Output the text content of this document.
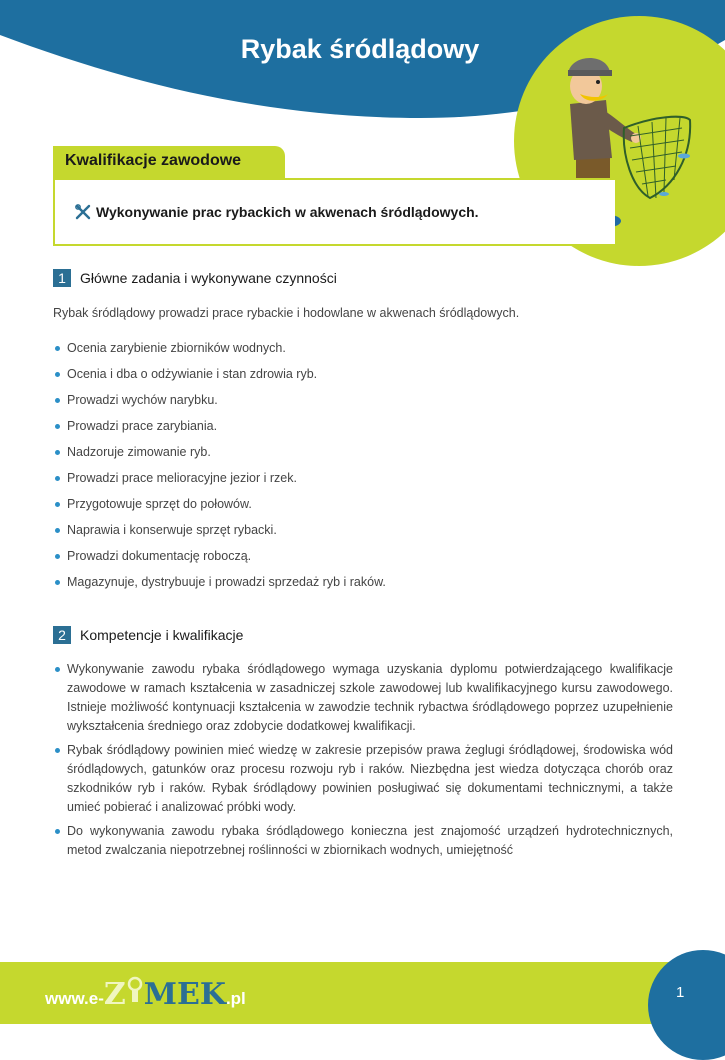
Rybak śródlądowy
Kwalifikacje zawodowe
Wykonywanie prac rybackich w akwenach śródlądowych.
1	Główne zadania i wykonywane czynności
Rybak śródlądowy prowadzi prace rybackie i hodowlane w akwenach śródlądowych.
Ocenia zarybienie zbiorników wodnych.
Ocenia i dba o odżywianie i stan zdrowia ryb.
Prowadzi wychów narybku.
Prowadzi prace zarybiania.
Nadzoruje zimowanie ryb.
Prowadzi prace melioracyjne jezior i rzek.
Przygotowuje sprzęt do połowów.
Naprawia i konserwuje sprzęt rybacki.
Prowadzi dokumentację roboczą.
Magazynuje, dystrybuuje i prowadzi sprzedaż ryb i raków.
2	Kompetencje i kwalifikacje
Wykonywanie zawodu rybaka śródlądowego wymaga uzyskania dyplomu potwierdzającego kwalifikacje zawodowe w ramach kształcenia w zasadniczej szkole zawodowej lub kwalifikacyjnego kursu zawodowego. Istnieje możliwość kontynuacji kształcenia w zawodzie technik rybactwa śródlądowego poprzez uzupełnienie wykształcenia średniego oraz zdobycie dodatkowej kwalifikacji.
Rybak śródlądowy powinien mieć wiedzę w zakresie przepisów prawa żeglugi śródlądowej, środowiska wód śródlądowych, gatunków oraz procesu rozwoju ryb i raków. Niezbędna jest wiedza dotycząca chorób oraz szkodników ryb i raków. Rybak śródlądowy powinien posługiwać się dokumentami technicznymi, a także umieć pobierać i analizować próbki wody.
Do wykonywania zawodu rybaka śródlądowego konieczna jest znajomość urządzeń hydrotechnicznych, metod zwalczania niepotrzebnej roślinności w zbiornikach wodnych, umiejętność
www.e- Z MEK .pl	1
